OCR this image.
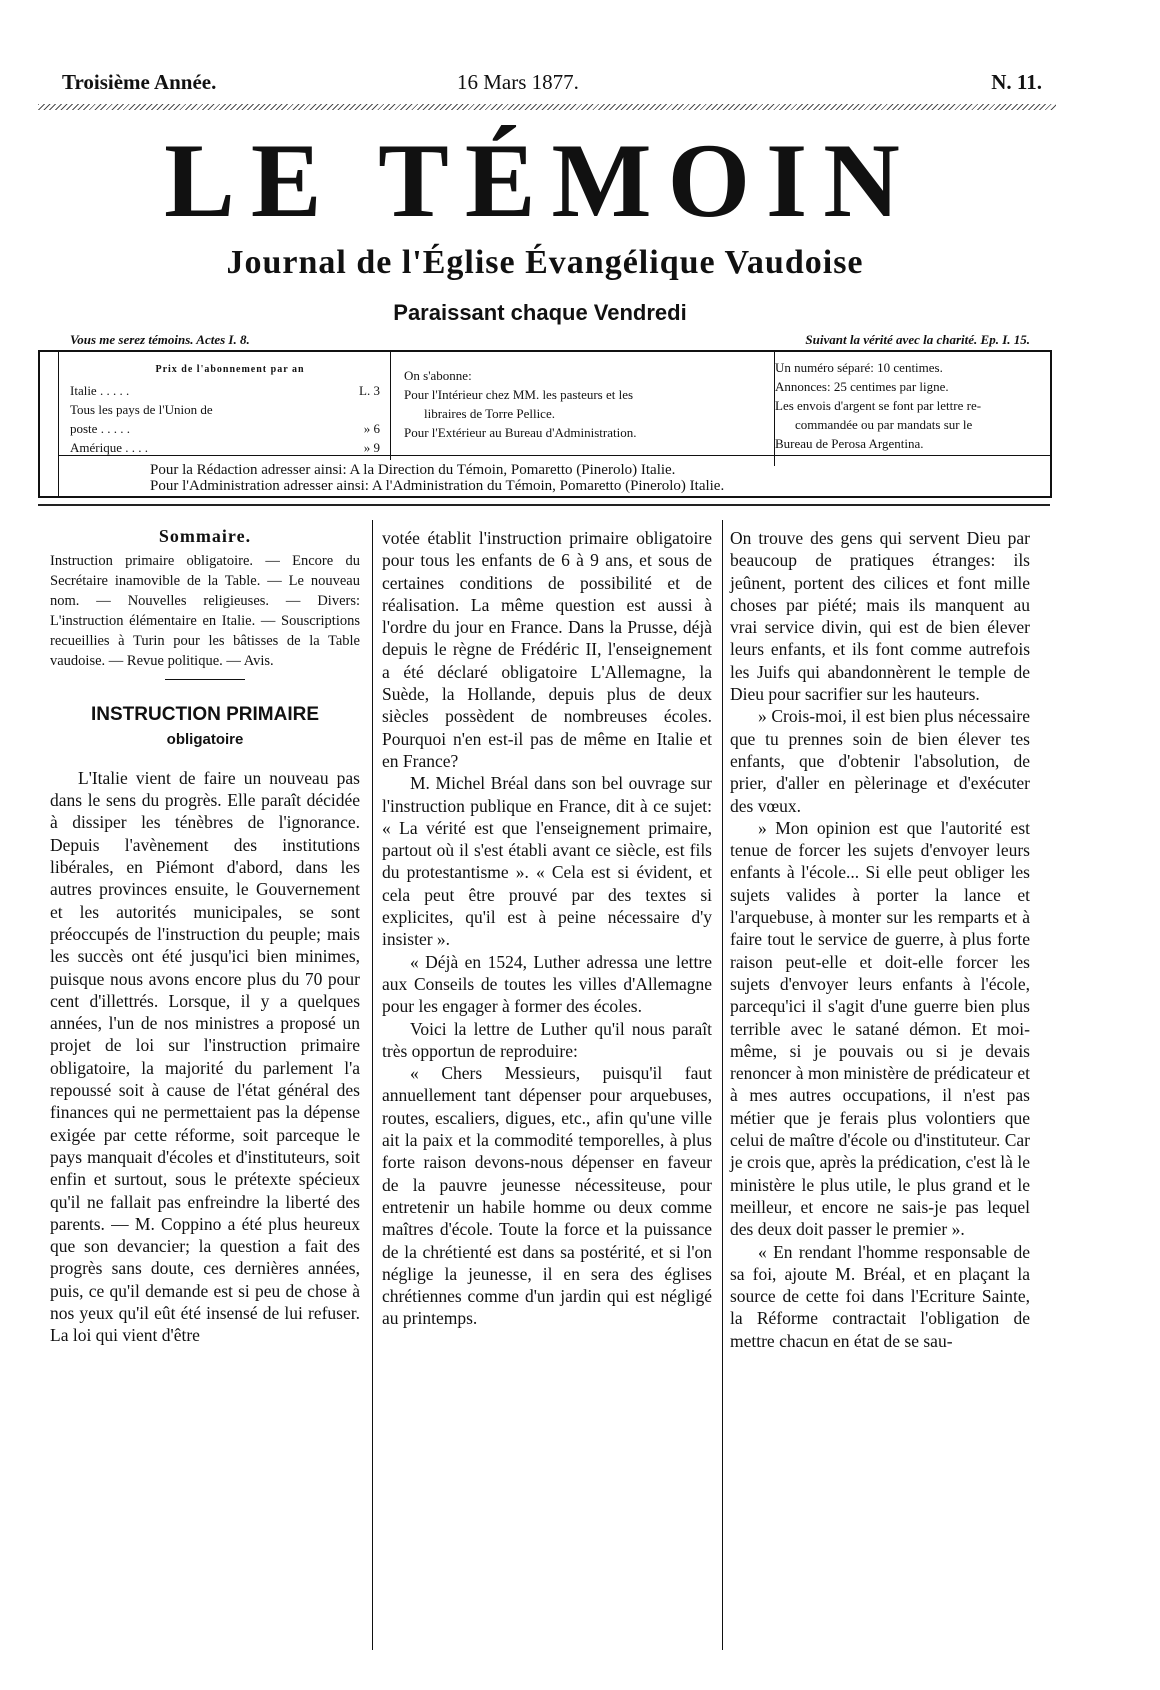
Troisième Année.	16 Mars 1877.	N. 11.
LE TÉMOIN
Journal de l'Église Évangélique Vaudoise
Paraissant chaque Vendredi
Vous me serez témoins. Actes I. 8.	Suivant la vérité avec la charité. Ep. I. 15.
Prix de l'abonnement par an
Italie . . . . .	L. 3
Tous les pays de l'Union de
poste . . . . .	» 6
Amérique . . . .	» 9
On s'abonne:
Pour l'Intérieur chez MM. les pasteurs et les
libraires de Torre Pellice.
Pour l'Extérieur au Bureau d'Administration.
Un numéro séparé: 10 centimes.
Annonces: 25 centimes par ligne.
Les envois d'argent se font par lettre re-
commandée ou par mandats sur le
Bureau de Perosa Argentina.
Pour la Rédaction adresser ainsi: A la Direction du Témoin, Pomaretto (Pinerolo) Italie.
Pour l'Administration adresser ainsi: A l'Administration du Témoin, Pomaretto (Pinerolo) Italie.
Sommaire.

Instruction primaire obligatoire. — Encore du Secrétaire inamovible de la Table. — Le nouveau nom. — Nouvelles religieuses. — Divers: L'instruction élémentaire en Italie. — Souscriptions recueillies à Turin pour les bâtisses de la Table vaudoise. — Revue politique. — Avis.

INSTRUCTION PRIMAIRE
obligatoire

L'Italie vient de faire un nouveau pas dans le sens du progrès. Elle paraît décidée à dissiper les ténèbres de l'ignorance. Depuis l'avènement des institutions libérales, en Piémont d'abord, dans les autres provinces ensuite, le Gouvernement et les autorités municipales, se sont préoccupés de l'instruction du peuple; mais les succès ont été jusqu'ici bien minimes, puisque nous avons encore plus du 70 pour cent d'illettrés. Lorsque, il y a quelques années, l'un de nos ministres a proposé un projet de loi sur l'instruction primaire obligatoire, la majorité du parlement l'a repoussé soit à cause de l'état général des finances qui ne permettaient pas la dépense exigée par cette réforme, soit parceque le pays manquait d'écoles et d'instituteurs, soit enfin et surtout, sous le prétexte spécieux qu'il ne fallait pas enfreindre la liberté des parents. — M. Coppino a été plus heureux que son devancier; la question a fait des progrès sans doute, ces dernières années, puis, ce qu'il demande est si peu de chose à nos yeux qu'il eût été insensé de lui refuser. La loi qui vient d'être

votée établit l'instruction primaire obligatoire pour tous les enfants de 6 à 9 ans, et sous de certaines conditions de possibilité et de réalisation. La même question est aussi à l'ordre du jour en France. Dans la Prusse, déjà depuis le règne de Frédéric II, l'enseignement a été déclaré obligatoire L'Allemagne, la Suède, la Hollande, depuis plus de deux siècles possèdent de nombreuses écoles. Pourquoi n'en est-il pas de même en Italie et en France?

M. Michel Bréal dans son bel ouvrage sur l'instruction publique en France, dit à ce sujet: « La vérité est que l'enseignement primaire, partout où il s'est établi avant ce siècle, est fils du protestantisme ». « Cela est si évident, et cela peut être prouvé par des textes si explicites, qu'il est à peine nécessaire d'y insister ».

« Déjà en 1524, Luther adressa une lettre aux Conseils de toutes les villes d'Allemagne pour les engager à former des écoles.

Voici la lettre de Luther qu'il nous paraît très opportun de reproduire:

« Chers Messieurs, puisqu'il faut annuellement tant dépenser pour arquebuses, routes, escaliers, digues, etc., afin qu'une ville ait la paix et la commodité temporelles, à plus forte raison devons-nous dépenser en faveur de la pauvre jeunesse nécessiteuse, pour entretenir un habile homme ou deux comme maîtres d'école. Toute la force et la puissance de la chrétienté est dans sa postérité, et si l'on néglige la jeunesse, il en sera des églises chrétiennes comme d'un jardin qui est négligé au printemps.

On trouve des gens qui servent Dieu par beaucoup de pratiques étranges: ils jeûnent, portent des cilices et font mille choses par piété; mais ils manquent au vrai service divin, qui est de bien élever leurs enfants, et ils font comme autrefois les Juifs qui abandonnèrent le temple de Dieu pour sacrifier sur les hauteurs.

» Crois-moi, il est bien plus nécessaire que tu prennes soin de bien élever tes enfants, que d'obtenir l'absolution, de prier, d'aller en pèlerinage et d'exécuter des vœux.

» Mon opinion est que l'autorité est tenue de forcer les sujets d'envoyer leurs enfants à l'école... Si elle peut obliger les sujets valides à porter la lance et l'arquebuse, à monter sur les remparts et à faire tout le service de guerre, à plus forte raison peut-elle et doit-elle forcer les sujets d'envoyer leurs enfants à l'école, parcequ'ici il s'agit d'une guerre bien plus terrible avec le satané démon. Et moi-même, si je pouvais ou si je devais renoncer à mon ministère de prédicateur et à mes autres occupations, il n'est pas métier que je ferais plus volontiers que celui de maître d'école ou d'instituteur. Car je crois que, après la prédication, c'est là le ministère le plus utile, le plus grand et le meilleur, et encore ne sais-je pas lequel des deux doit passer le premier ».

« En rendant l'homme responsable de sa foi, ajoute M. Bréal, et en plaçant la source de cette foi dans l'Ecriture Sainte, la Réforme contractait l'obligation de mettre chacun en état de se sau-
